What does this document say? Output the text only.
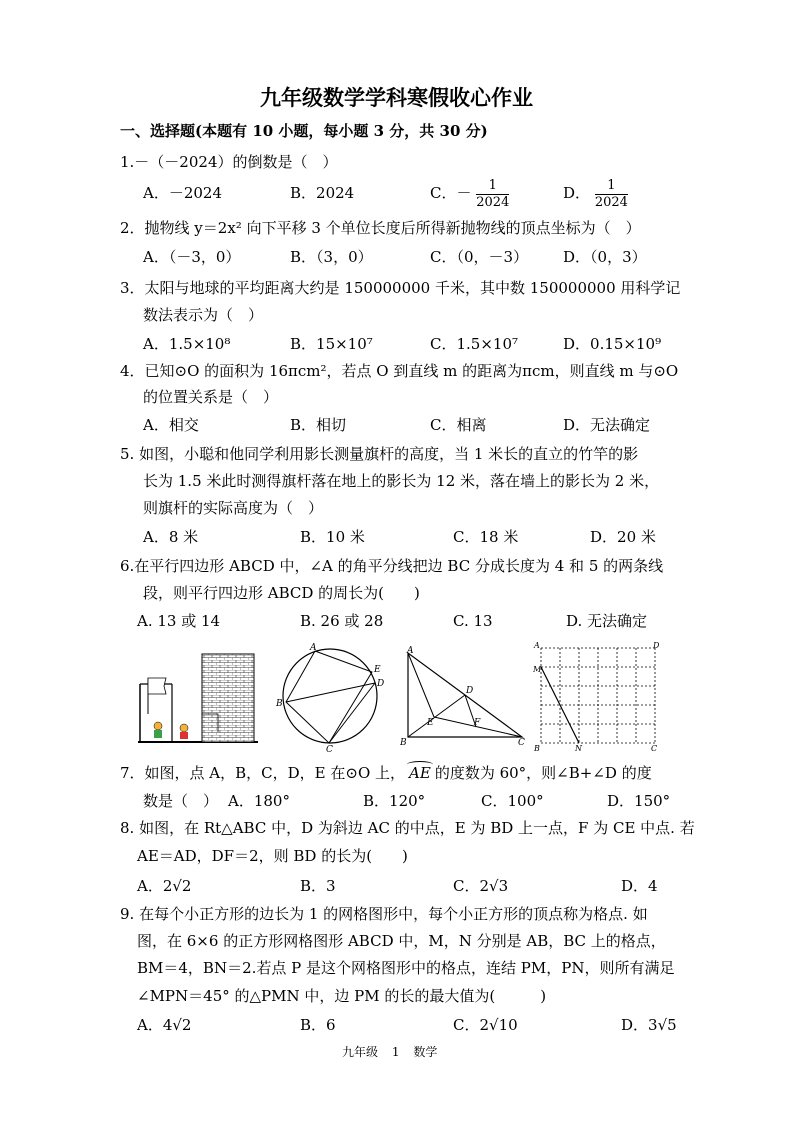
九年级数学学科寒假收心作业
一、选择题(本题有 10 小题，每小题 3 分，共 30 分)
1.－（－2024）的倒数是（　）
A．－2024	B．2024	C．－ $\frac{1}{2024}$	D． $\frac{1}{2024}$
2．抛物线 y＝2x² 向下平移 3 个单位长度后所得新抛物线的顶点坐标为（　）
A．（－3，0）	B．（3，0）	C．（0，－3） D．（0，3）
3．太阳与地球的平均距离大约是 150000000 千米，其中数 150000000 用科学记
数法表示为（　）
A．1.5×10⁸	B．15×10⁷	C．1.5×10⁷	D．0.15×10⁹
4．已知⊙O 的面积为 16πcm²，若点 O 到直线 m 的距离为πcm，则直线 m 与⊙O
的位置关系是（　）
A．相交	B．相切	C．相离	D．无法确定
5. 如图，小聪和他同学利用影长测量旗杆的高度，当 1 米长的直立的竹竿的影
长为 1.5 米此时测得旗杆落在地上的影长为 12 米，落在墙上的影长为 2 米，
则旗杆的实际高度为（　）
A．8 米	B．10 米	C．18 米	D．20 米
6.在平行四边形 ABCD 中，∠A 的角平分线把边 BC 分成长度为 4 和 5 的两条线
段，则平行四边形 ABCD 的周长为(　　)
A. 13 或 14	B. 26 或 28	C. 13	D. 无法确定
A
E
D
B
C
A
B	C
D
E	F
A	D
M
B	N	C
7．如图，点 A，B，C，D，E 在⊙O 上， AE 的度数为 60°，则∠B+∠D 的度
数是（　） A．180°	B．120°	C．100°	D．150°
8. 如图，在 Rt△ABC 中，D 为斜边 AC 的中点，E 为 BD 上一点，F 为 CE 中点. 若
AE＝AD，DF＝2，则 BD 的长为(　　)
A．2√2	B．3	C．2√3	D．4
9. 在每个小正方形的边长为 1 的网格图形中，每个小正方形的顶点称为格点. 如
图，在 6×6 的正方形网格图形 ABCD 中，M，N 分别是 AB，BC 上的格点，
BM＝4，BN＝2.若点 P 是这个网格图形中的格点，连结 PM，PN，则所有满足
∠MPN＝45° 的△PMN 中，边 PM 的长的最大值为(　　　)
A．4√2	B．6	C．2√10	D．3√5
九年级 1 数学
